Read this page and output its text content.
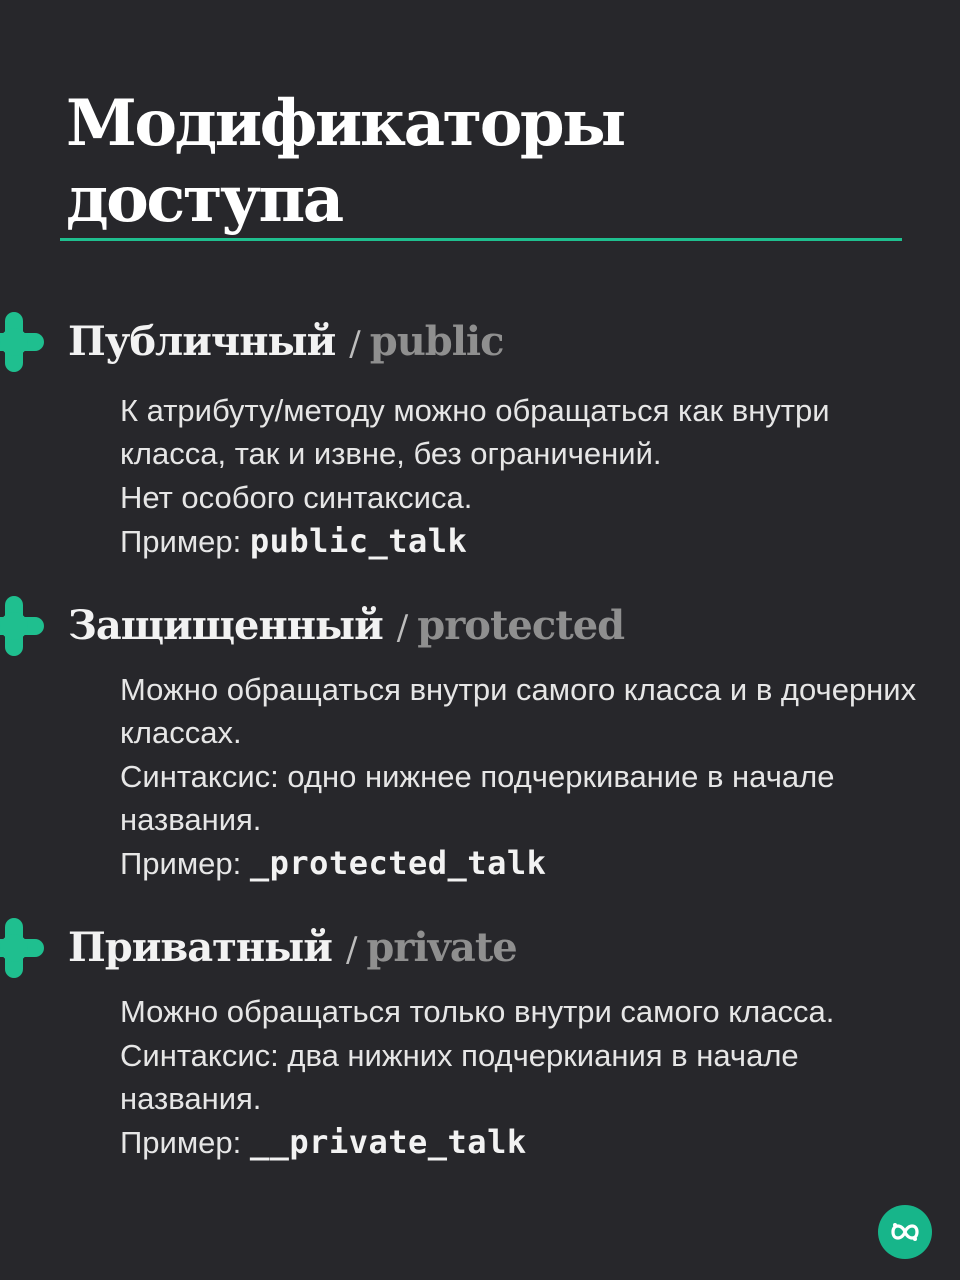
Модификаторы
доступа
Публичный / public

К атрибуту/методу можно обращаться как внутри класса, так и извне, без ограничений.

Нет особого синтаксиса.

Пример: public_talk

Защищенный / protected

Можно обращаться внутри самого класса и в дочерних классах.

Синтаксис: одно нижнее подчеркивание в начале названия.

Пример: _protected_talk

Приватный / private

Можно обращаться только внутри самого класса.

Синтаксис: два нижних подчеркиания в начале названия.

Пример: __private_talk
